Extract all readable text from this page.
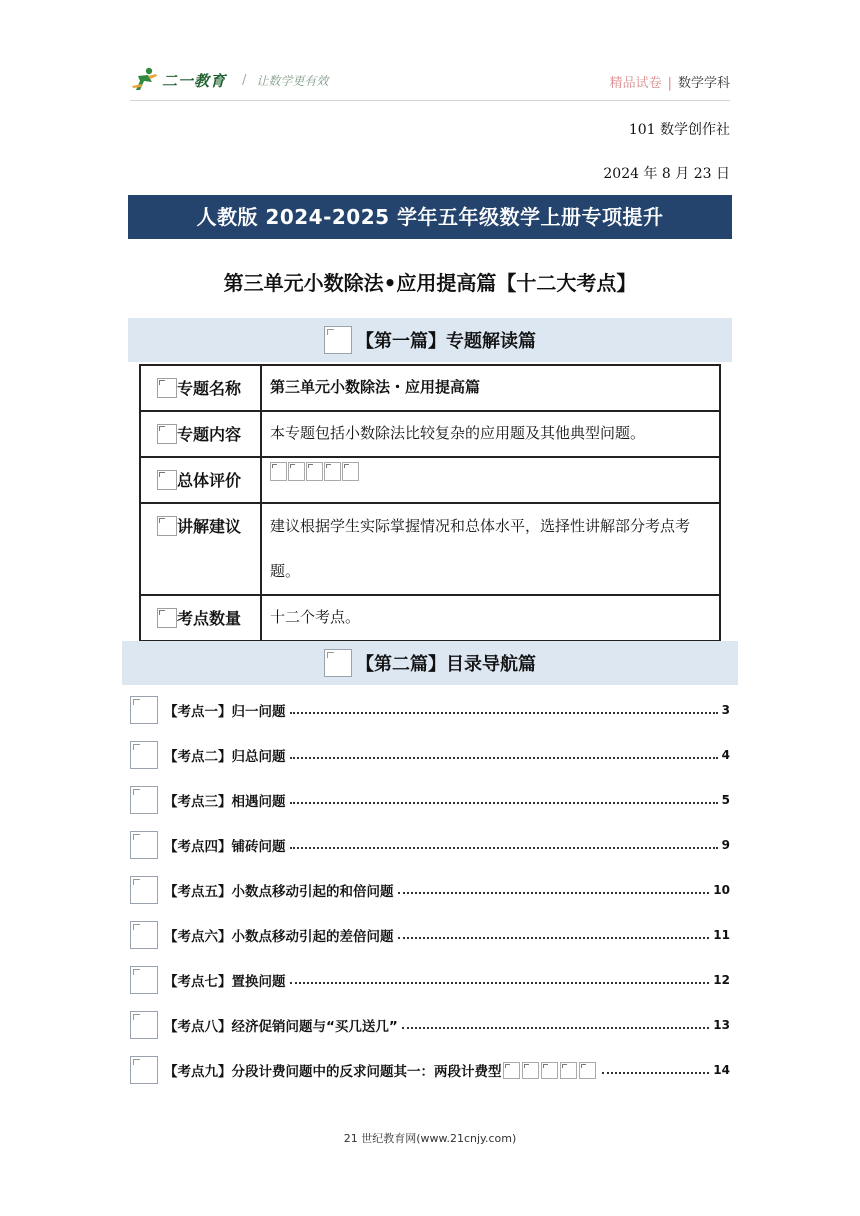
二一教育 / 让数学更有效	精品试卷 | 数学学科
101 数学创作社
2024 年 8 月 23 日
人教版 2024-2025 学年五年级数学上册专项提升
第三单元小数除法•应用提高篇【十二大考点】
【第一篇】专题解读篇
专题名称	第三单元小数除法・应用提高篇
专题内容	本专题包括小数除法比较复杂的应用题及其他典型问题。
总体评价	
讲解建议	建议根据学生实际掌握情况和总体水平，选择性讲解部分考点考题。
考点数量	十二个考点。
【第二篇】目录导航篇
【考点一】归一问题	3
【考点二】归总问题	4
【考点三】相遇问题	5
【考点四】铺砖问题	9
【考点五】小数点移动引起的和倍问题	10
【考点六】小数点移动引起的差倍问题	11
【考点七】置换问题	12
【考点八】经济促销问题与“买几送几”	13
【考点九】分段计费问题中的反求问题其一：两段计费型	14
21 世纪教育网(www.21cnjy.com)
